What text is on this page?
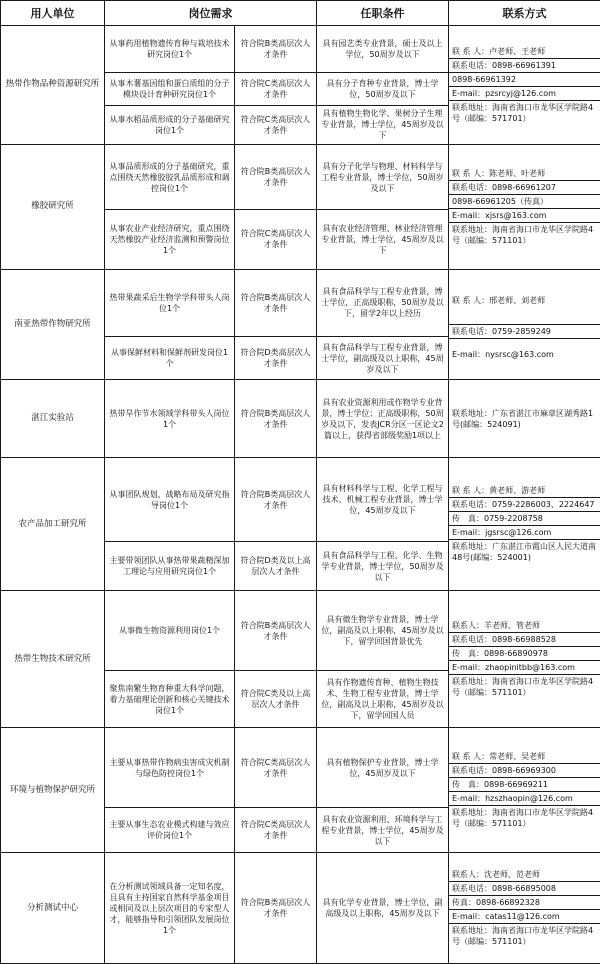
用人单位	岗位需求		任职条件	联系方式
热带作物品种资源研究所	从事药用植物遗传育种与栽培技术研究岗位1个	符合院B类高层次人才条件	具有园艺类专业背景，硕士及以上学位，50周岁及以下	联 系 人：卢老师、王老师
联系电话：0898-66961391
0898-66961392
E-mail：pzsrcyj@126.com
联系地址：海南省海口市龙华区学院路4号（邮编：571701）

	从事木薯基因组和蛋白质组的分子模块设计育种研究岗位1个	符合院C类高层次人才条件	具有分子育种专业背景，博士学位，50周岁及以下	
	从事水稻品质形成的分子基础研究岗位1个	符合院C类高层次人才条件	具有植物生物化学、果树分子生理专业背景，博士学位，45周岁及以下	
橡胶研究所	从事品质形成的分子基础研究，重点围绕天然橡胶胶乳品质形成和调控岗位1个	符合院B类高层次人才条件	具有分子化学与物理、材料科学与工程专业背景，博士学位，50周岁及以下	联 系 人：陈老师、叶老师
联系电话：0898-66961207
0898-66961205（传真）
E-mail：xjsrs@163.com
联系地址：海南省海口市龙华区学院路4号（邮编：571101）

	从事农业产业经济研究，重点围绕天然橡胶产业经济监测和预警岗位1个	符合院C类高层次人才条件	具有农业经济管理、林业经济管理专业背景，博士学位，45周岁及以下	
南亚热带作物研究所	热带果蔬采后生物学学科带头人岗位1个	符合院B类高层次人才条件	具有食品科学与工程专业背景，博士学位，正高级职称，50周岁及以下，留学2年以上经历	联 系 人：邢老师、刘老师
联系电话：0759-2859249
E-mail：nysrsc@163.com

	从事保鲜材料和保鲜剂研发岗位1个	符合院D类高层次人才条件	具有食品科学与工程专业背景，博士学位，副高级及以上职称，45周岁及以下	
湛江实验站	热带旱作节水领域学科带头人岗位1个	符合院B类高层次人才条件	具有农业资源利用或作物学专业背景，博士学位；正高级职称，50周岁及以下，发表JCR分区一区论文2篇以上，获得省部级奖励1项以上	联系地址：广东省湛江市麻章区湖秀路1号(邮编：524091)

农产品加工研究所	从事团队规划、战略布局及研究指导岗位1个	符合院B类高层次人才条件	具有材料科学与工程、化学工程与技术、机械工程专业背景，博士学位，45周岁及以下	联 系 人：黄老师、游老师
联系电话：0759-2286003、2224647
传　真：0759-2208758
E-mail：jgsrsc@126.com
联系地址：广东湛江市霞山区人民大道南48号(邮编：524001)

	主要带领团队从事热带果蔬精深加工理论与应用研究岗位1个	符合院D类及以上高层次人才条件	具有食品科学与工程、化学、生物学专业背景，博士学位，50周岁及以下	
热带生物技术研究所	从事微生物资源利用岗位1个	符合院B类高层次人才条件	具有微生物学专业背景，博士学位，副高及以上职称，45周岁及以下，留学回国背景优先	联系人：羊老师、管老师
联系电话：0898-66988528
传　真：0898-66890978
E-mail：zhaopinitbb@163.com
联系地址：海南省海口市龙华区学院路4号（邮编：571101）

	聚焦南繁生物育种重大科学问题，着力基础理论创新和核心关键技术岗位1个	符合院C类及以上高层次人才条件	具有作物遗传育种、植物生物技术、生物工程专业背景，博士学位，副高及以上职称，45周岁及以下，留学回国人员	
环境与植物保护研究所	主要从事热带作物病虫害成灾机制与绿色防控岗位1个	符合院C类高层次人才条件	具有植物保护专业背景，博士学位，45周岁及以下	联 系 人：常老师、吴老师
联系电话：0898-66969300
传　真：0898-66969211
E-mail：hzszhaopin@126.com
联系地址：海南省海口市龙华区学院路4号（邮编：571101）

	主要从事生态农业模式构建与效应评价岗位1个	符合院C类高层次人才条件	具有农业资源利用、环境科学与工程专业背景，博士学位，45周岁及以下	
分析测试中心	在分析测试领域具备一定知名度，且具有主持国家自然科学基金项目或相同及以上层次项目的专家型人才，能够指导和引领团队发展岗位1个	符合院B类高层次人才条件	具有化学专业背景，博士学位，副高级及以上职称，45周岁及以下	联系人：沈老师、范老师
联系电话：0898-66895008
传真：0898-66892328
E-mail：catas11@126.com
联系地址：海南省海口市龙华区学院路4号（邮编：571101）
